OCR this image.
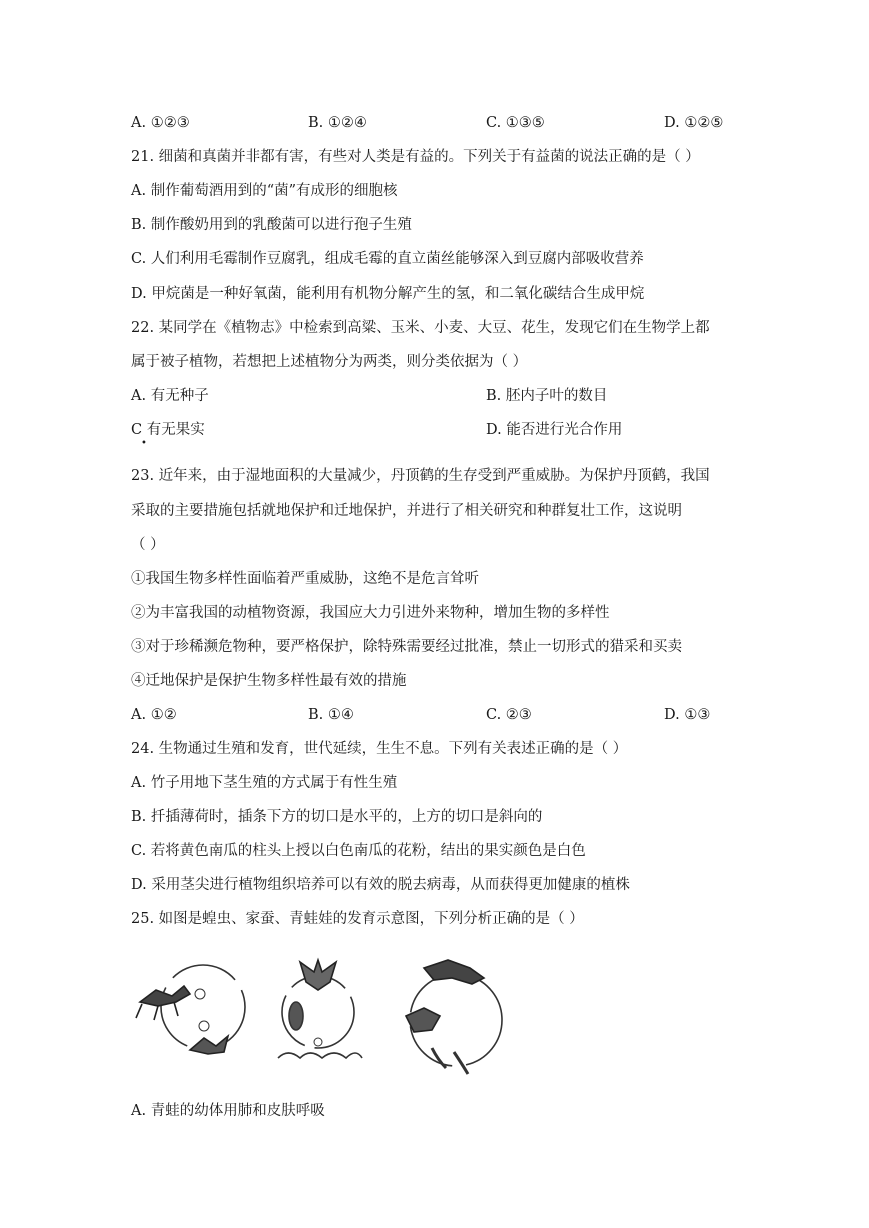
A. ①②③	B. ①②④	C. ①③⑤	D. ①②⑤
21. 细菌和真菌并非都有害，有些对人类是有益的。下列关于有益菌的说法正确的是（ ）
A. 制作葡萄酒用到的“菌”有成形的细胞核
B. 制作酸奶用到的乳酸菌可以进行孢子生殖
C. 人们利用毛霉制作豆腐乳，组成毛霉的直立菌丝能够深入到豆腐内部吸收营养
D. 甲烷菌是一种好氧菌，能利用有机物分解产生的氢，和二氧化碳结合生成甲烷
22. 某同学在《植物志》中检索到高粱、玉米、小麦、大豆、花生，发现它们在生物学上都
属于被子植物，若想把上述植物分为两类，则分类依据为（ ）
A. 有无种子	B. 胚内子叶的数目
C 有无果实	D. 能否进行光合作用
•
23. 近年来，由于湿地面积的大量减少，丹顶鹤的生存受到严重威胁。为保护丹顶鹤，我国
采取的主要措施包括就地保护和迁地保护，并进行了相关研究和种群复壮工作，这说明
（ ）
①我国生物多样性面临着严重威胁，这绝不是危言耸听
②为丰富我国的动植物资源，我国应大力引进外来物种，增加生物的多样性
③对于珍稀濒危物种，要严格保护，除特殊需要经过批准，禁止一切形式的猎采和买卖
④迁地保护是保护生物多样性最有效的措施
A. ①②	B. ①④	C. ②③	D. ①③
24. 生物通过生殖和发育，世代延续，生生不息。下列有关表述正确的是（ ）
A. 竹子用地下茎生殖的方式属于有性生殖
B. 扦插薄荷时，插条下方的切口是水平的，上方的切口是斜向的
C. 若将黄色南瓜的柱头上授以白色南瓜的花粉，结出的果实颜色是白色
D. 采用茎尖进行植物组织培养可以有效的脱去病毒，从而获得更加健康的植株
25. 如图是蝗虫、家蚕、青蛙娃的发育示意图，下列分析正确的是（ ）
A. 青蛙的幼体用肺和皮肤呼吸
